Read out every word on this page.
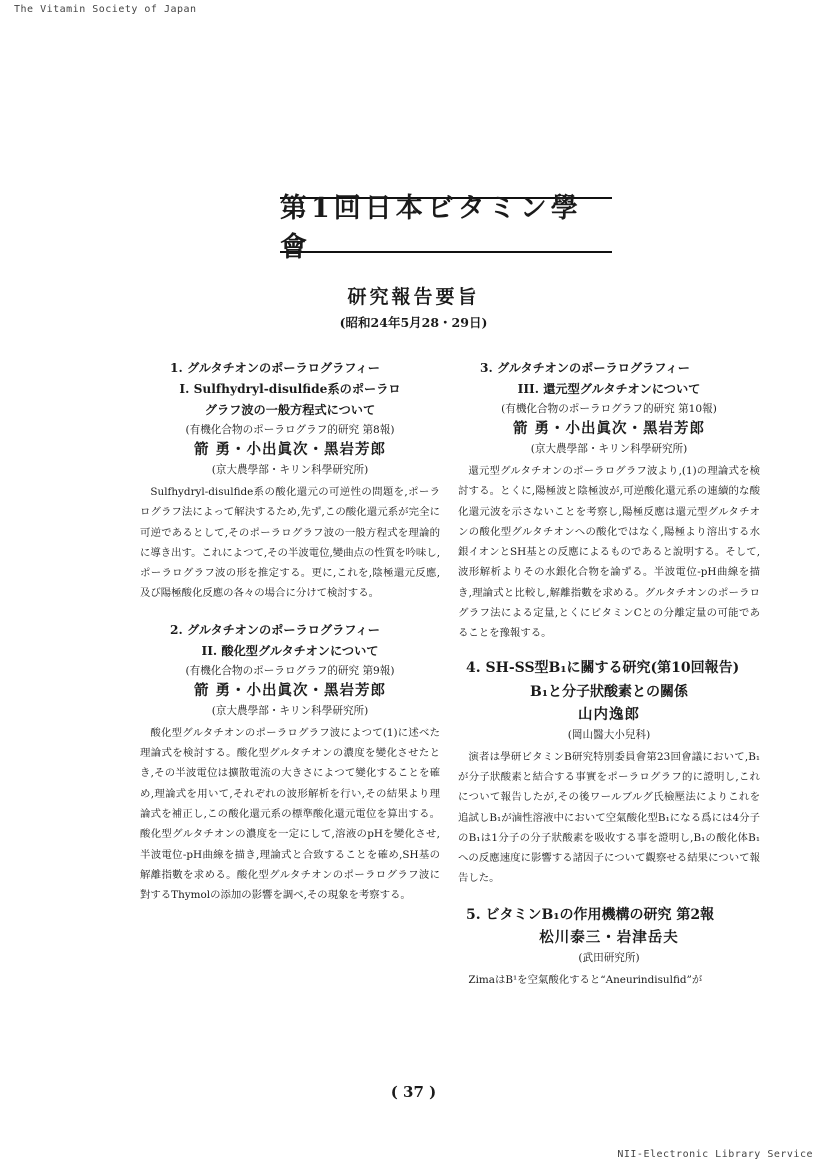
The Vitamin Society of Japan
第1回日本ビタミン學會
研究報告要旨
(昭和24年5月28・29日)
1. グルタチオンのポーラログラフィー
I. Sulfhydryl-disulfide系のポーラロ
グラフ波の一般方程式について
(有機化合物のポーラログラフ的研究 第8報)
箭 勇・小出眞次・黑岩芳郎
(京大農學部・キリン科學研究所)

Sulfhydryl-disulfide系の酸化還元の可逆性の問題を,ポーラログラフ法によって解決するため,先ず,この酸化還元系が完全に可逆であるとして,そのポーラログラフ波の一般方程式を理論的に導き出す。これによつて,その半波電位,變曲点の性質を吟味し,ポーラログラフ波の形を推定する。更に,これを,陰極還元反應,及び陽極酸化反應の各々の場合に分けて検討する。

2. グルタチオンのポーラログラフィー
II. 酸化型グルタチオンについて
(有機化合物のポーラログラフ的研究 第9報)
箭 勇・小出眞次・黑岩芳郎
(京大農學部・キリン科學研究所)

酸化型グルタチオンのポーラログラフ波によつて(1)に述べた理論式を検討する。酸化型グルタチオンの濃度を變化させたとき,その半波電位は擴散電流の大きさによつて變化することを確め,理論式を用いて,それぞれの波形解析を行い,その結果より理論式を補正し,この酸化還元系の標準酸化還元電位を算出する。酸化型グルタチオンの濃度を一定にして,溶液のpHを變化させ,半波電位-pH曲線を描き,理論式と合致することを確め,SH基の解離指數を求める。酸化型グルタチオンのポーラログラフ波に對するThymolの添加の影響を調べ,その現象を考察する。

3. グルタチオンのポーラログラフィー
III. 還元型グルタチオンについて
(有機化合物のポーラログラフ的研究 第10報)
箭 勇・小出眞次・黑岩芳郎
(京大農學部・キリン科學研究所)

還元型グルタチオンのポーラログラフ波より,(1)の理論式を検討する。とくに,陽極波と陰極波が,可逆酸化還元系の連續的な酸化還元波を示さないことを考察し,陽極反應は還元型グルタチオンの酸化型グルタチオンへの酸化ではなく,陽極より溶出する水銀イオンとSH基との反應によるものであると說明する。そして,波形解析よりその水銀化合物を論ずる。半波電位-pH曲線を描き,理論式と比較し,解離指數を求める。グルタチオンのポーラログラフ法による定量,とくにビタミンCとの分離定量の可能であることを豫報する。

4. SH-SS型B₁に關する研究(第10回報告)
B₁と分子狀酸素との關係
山内逸郎
(岡山醫大小兒科)

演者は學研ビタミンB研究特別委員會第23回會議において,B₁が分子狀酸素と結合する事實をポーラログラフ的に證明し,これについて報告したが,その後ワールブルグ氏檢壓法によりこれを追試しB₁が滷性溶液中において空氣酸化型B₁になる爲には4分子のB₁は1分子の分子狀酸素を吸收する事を證明し,B₁の酸化体B₁への反應速度に影響する諸因子について觀察せる結果について報告した。

5. ビタミンB₁の作用機構の研究 第2報
松川泰三・岩津岳夫
(武田研究所)

ZimaはB¹を空氣酸化すると“Aneurindisulfid”が

( 37 )
NII-Electronic Library Service
